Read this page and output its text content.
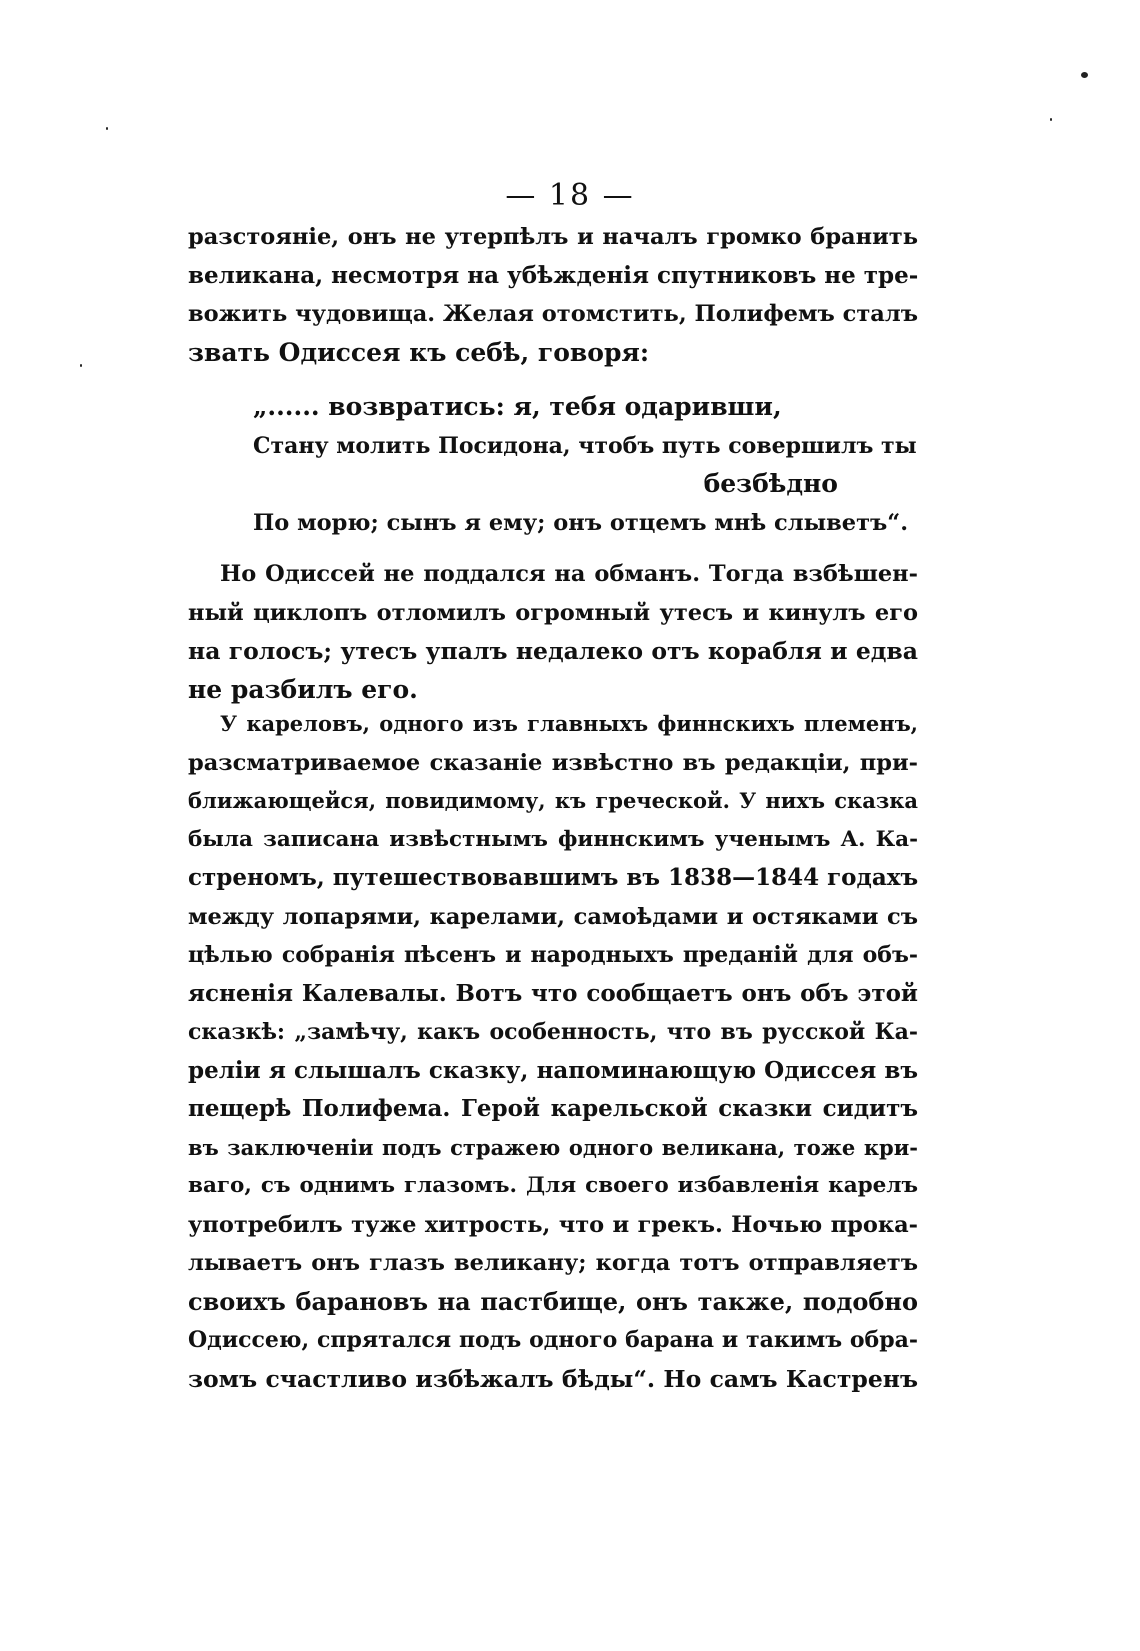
— 18 —
разстояніе, онъ не утерпѣлъ и началъ громко бранить
великана, несмотря на убѣжденія спутниковъ не тре-
вожить чудовища. Желая отомстить, Полифемъ сталъ
звать Одиссея къ себѣ, говоря:
„...... возвратись: я, тебя одаривши,
Стану молить Посидона, чтобъ путь совершилъ ты
безбѣдно
По морю; сынъ я ему; онъ отцемъ мнѣ слыветъ“.
Но Одиссей не поддался на обманъ. Тогда взбѣшен-
ный циклопъ отломилъ огромный утесъ и кинулъ его
на голосъ; утесъ упалъ недалеко отъ корабля и едва
не разбилъ его.
У кареловъ, одного изъ главныхъ финнскихъ племенъ,
разсматриваемое сказаніе извѣстно въ редакціи, при-
ближающейся, повидимому, къ греческой. У нихъ сказка
была записана извѣстнымъ финнскимъ ученымъ А. Ка-
стреномъ, путешествовавшимъ въ 1838—1844 годахъ
между лопарями, карелами, самоѣдами и остяками съ
цѣлью собранія пѣсенъ и народныхъ преданій для объ-
ясненія Калевалы. Вотъ что сообщаетъ онъ объ этой
сказкѣ: „замѣчу, какъ особенность, что въ русской Ка-
реліи я слышалъ сказку, напоминающую Одиссея въ
пещерѣ Полифема. Герой карельской сказки сидитъ
въ заключеніи подъ стражею одного великана, тоже кри-
ваго, съ однимъ глазомъ. Для своего избавленія карелъ
употребилъ туже хитрость, что и грекъ. Ночью прока-
лываетъ онъ глазъ великану; когда тотъ отправляетъ
своихъ барановъ на пастбище, онъ также, подобно
Одиссею, спрятался подъ одного барана и такимъ обра-
зомъ счастливо избѣжалъ бѣды“. Но самъ Кастренъ
